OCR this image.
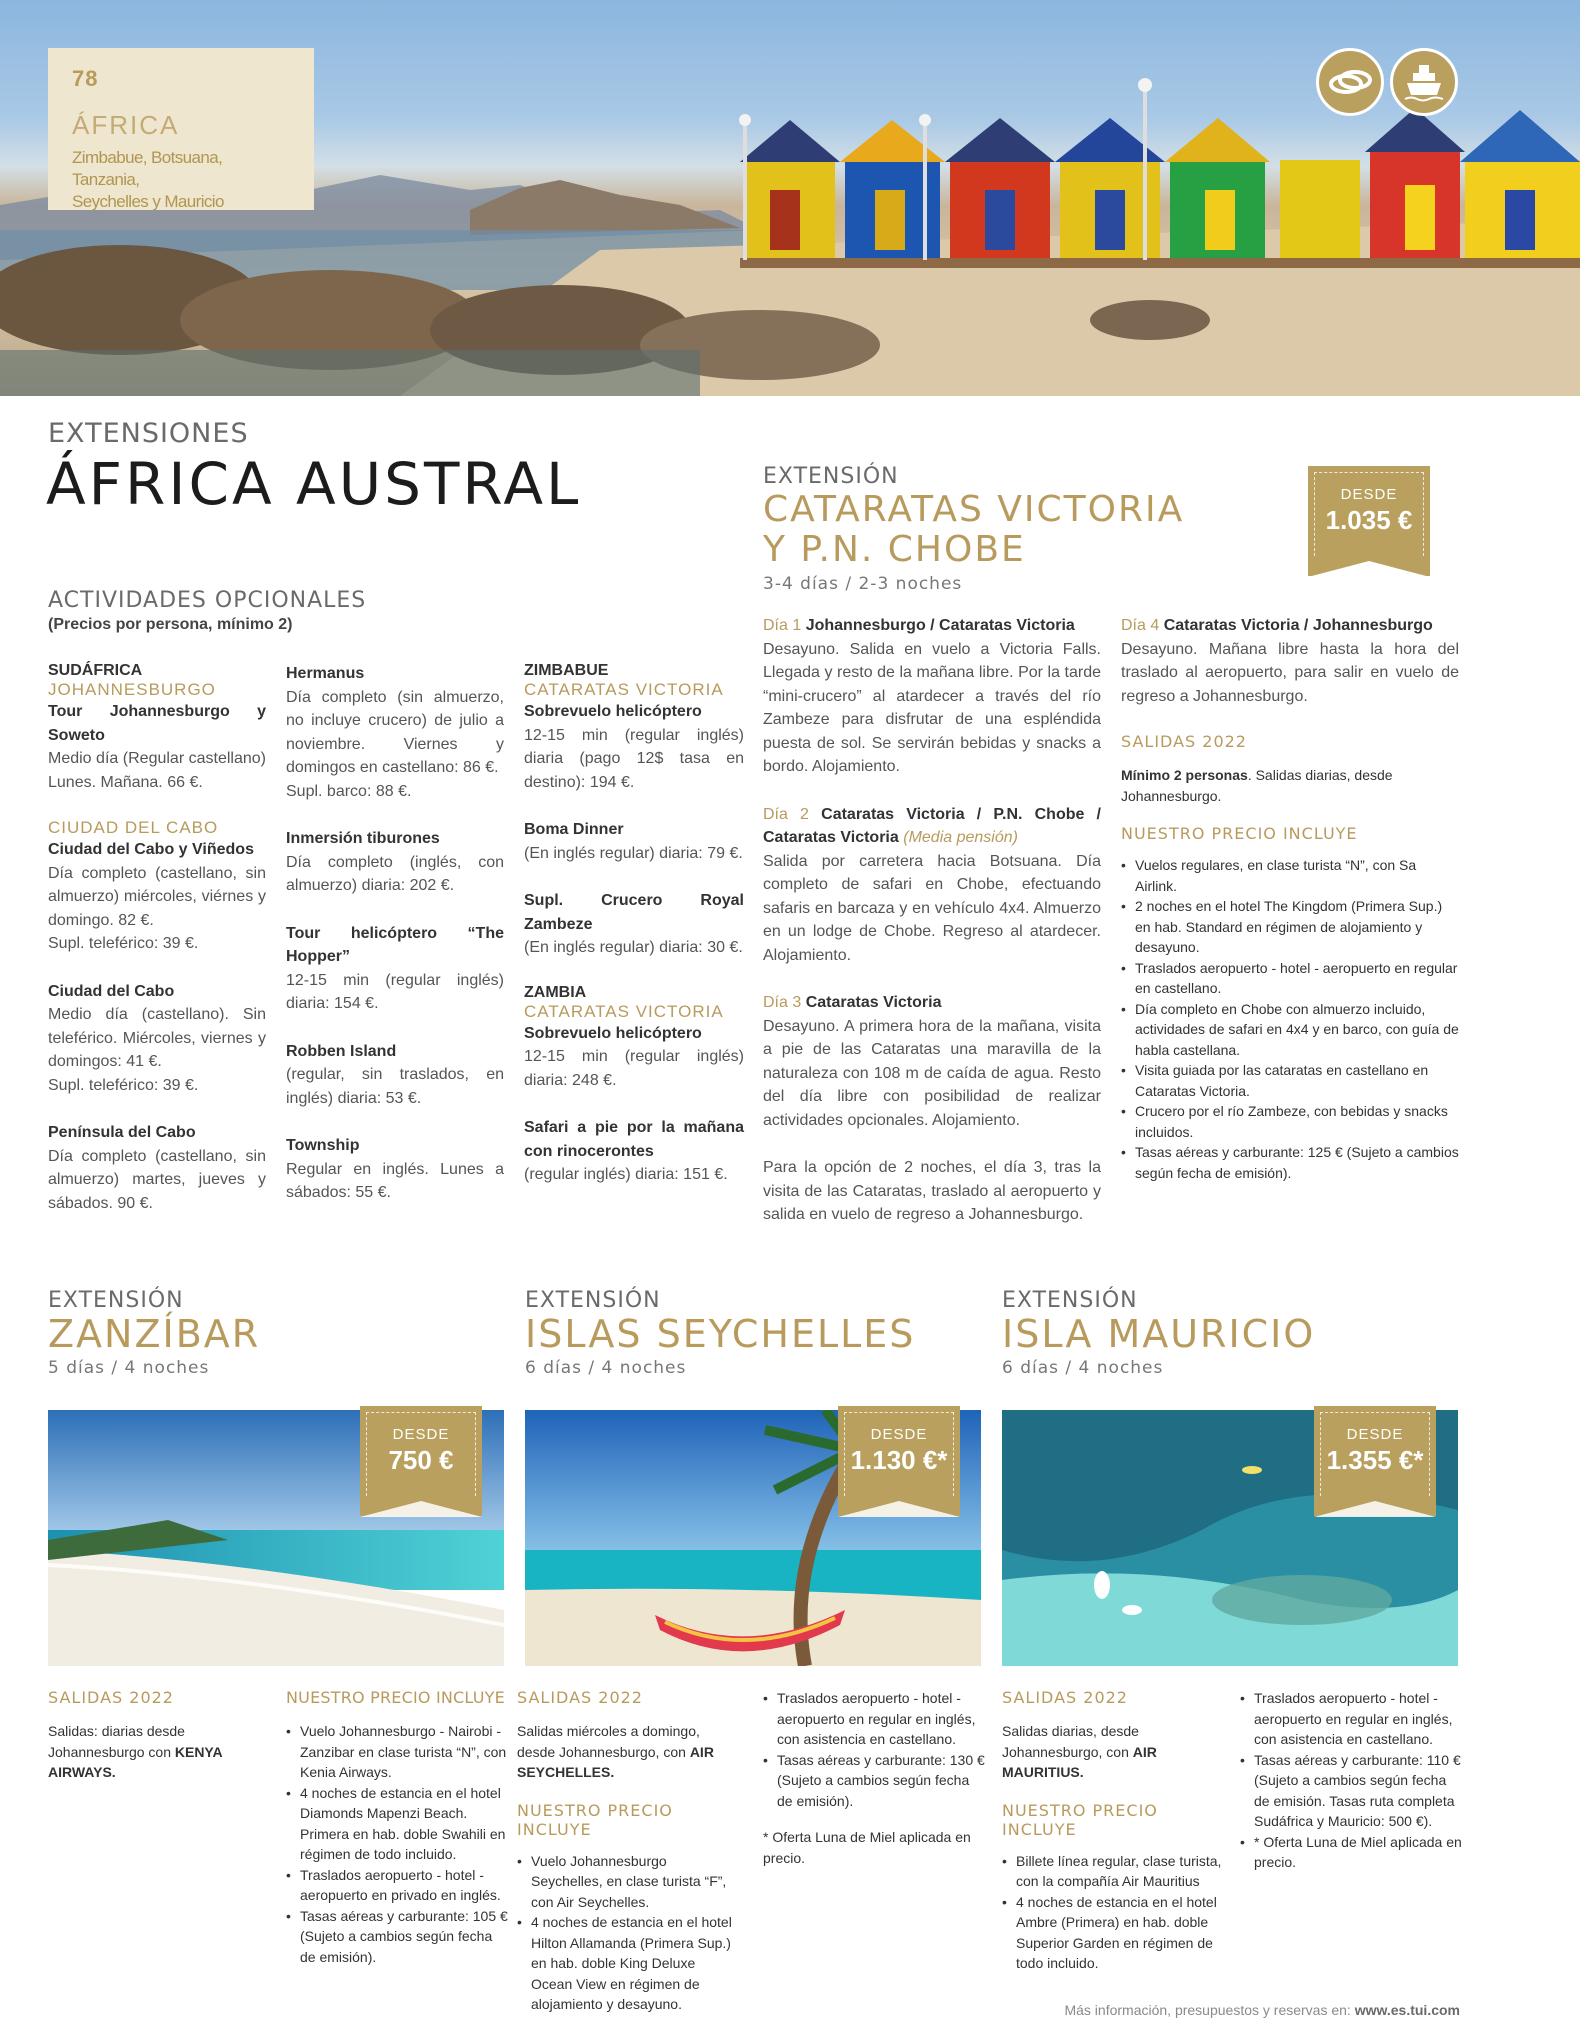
78
ÁFRICA
Zimbabue, Botsuana, Tanzania,
Seychelles y Mauricio
EXTENSIONES
ÁFRICA AUSTRAL
ACTIVIDADES OPCIONALES
(Precios por persona, mínimo 2)
SUDÁFRICA
JOHANNESBURGO
Tour Johannesburgo y Soweto
Medio día (Regular castellano) Lunes. Mañana. 66 €.
CIUDAD DEL CABO
Ciudad del Cabo y Viñedos
Día completo (castellano, sin almuerzo) miércoles, viérnes y domingo. 82 €.
Supl. teleférico: 39 €.
Ciudad del Cabo
Medio día (castellano). Sin teleférico. Miércoles, viernes y domingos: 41 €.
Supl. teleférico: 39 €.
Península del Cabo
Día completo (castellano, sin almuerzo) martes, jueves y sábados. 90 €.
Hermanus
Día completo (sin almuerzo, no incluye crucero) de julio a noviembre. Viernes y domingos en castellano: 86 €.
Supl. barco: 88 €.
Inmersión tiburones
Día completo (inglés, con almuerzo) diaria: 202 €.
Tour helicóptero “The Hopper”
12-15 min (regular inglés) diaria: 154 €.
Robben Island
(regular, sin traslados, en inglés) diaria: 53 €.
Township
Regular en inglés. Lunes a sábados: 55 €.
ZIMBABUE
CATARATAS VICTORIA
Sobrevuelo helicóptero
12-15 min (regular inglés) diaria (pago 12$ tasa en destino): 194 €.
Boma Dinner
(En inglés regular) diaria: 79 €.
Supl. Crucero Royal Zambeze
(En inglés regular) diaria: 30 €.
ZAMBIA
CATARATAS VICTORIA
Sobrevuelo helicóptero
12-15 min (regular inglés) diaria: 248 €.
Safari a pie por la mañana con rinocerontes
(regular inglés) diaria: 151 €.
EXTENSIÓN
CATARATAS VICTORIA
Y P.N. CHOBE
3-4 días / 2-3 noches
DESDE
1.035 €
Día 1 Johannesburgo / Cataratas Victoria
Desayuno. Salida en vuelo a Victoria Falls. Llegada y resto de la mañana libre. Por la tarde “mini-crucero” al atardecer a través del río Zambeze para disfrutar de una espléndida puesta de sol. Se servirán bebidas y snacks a bordo. Alojamiento.
Día 2 Cataratas Victoria / P.N. Chobe / Cataratas Victoria (Media pensión)
Salida por carretera hacia Botsuana. Día completo de safari en Chobe, efectuando safaris en barcaza y en vehículo 4x4. Almuerzo en un lodge de Chobe. Regreso al atardecer. Alojamiento.
Día 3 Cataratas Victoria
Desayuno. A primera hora de la mañana, visita a pie de las Cataratas una maravilla de la naturaleza con 108 m de caída de agua. Resto del día libre con posibilidad de realizar actividades opcionales. Alojamiento.
Para la opción de 2 noches, el día 3, tras la visita de las Cataratas, traslado al aeropuerto y salida en vuelo de regreso a Johannesburgo.
Día 4 Cataratas Victoria / Johannesburgo
Desayuno. Mañana libre hasta la hora del traslado al aeropuerto, para salir en vuelo de regreso a Johannesburgo.
SALIDAS 2022
Mínimo 2 personas. Salidas diarias, desde Johannesburgo.
NUESTRO PRECIO INCLUYE
• Vuelos regulares, en clase turista “N”, con Sa Airlink.
• 2 noches en el hotel The Kingdom (Primera Sup.) en hab. Standard en régimen de alojamiento y desayuno.
• Traslados aeropuerto - hotel - aeropuerto en regular en castellano.
• Día completo en Chobe con almuerzo incluido, actividades de safari en 4x4 y en barco, con guía de habla castellana.
• Visita guiada por las cataratas en castellano en Cataratas Victoria.
• Crucero por el río Zambeze, con bebidas y snacks incluidos.
• Tasas aéreas y carburante: 125 € (Sujeto a cambios según fecha de emisión).
EXTENSIÓN
ZANZÍBAR
5 días / 4 noches
EXTENSIÓN
ISLAS SEYCHELLES
6 días / 4 noches
EXTENSIÓN
ISLA MAURICIO
6 días / 4 noches
DESDE
750 €
DESDE
1.130 €*
DESDE
1.355 €*
SALIDAS 2022
Salidas: diarias desde Johannesburgo con KENYA AIRWAYS.
NUESTRO PRECIO INCLUYE
• Vuelo Johannesburgo - Nairobi - Zanzibar en clase turista “N”, con Kenia Airways.
• 4 noches de estancia en el hotel Diamonds Mapenzi Beach. Primera en hab. doble Swahili en régimen de todo incluido.
• Traslados aeropuerto - hotel - aeropuerto en privado en inglés.
• Tasas aéreas y carburante: 105 € (Sujeto a cambios según fecha de emisión).
SALIDAS 2022
Salidas miércoles a domingo, desde Johannesburgo, con AIR SEYCHELLES.
NUESTRO PRECIO INCLUYE
• Vuelo Johannesburgo Seychelles, en clase turista “F”, con Air Seychelles.
• 4 noches de estancia en el hotel Hilton Allamanda (Primera Sup.) en hab. doble King Deluxe Ocean View en régimen de alojamiento y desayuno.
• Traslados aeropuerto - hotel - aeropuerto en regular en inglés, con asistencia en castellano.
• Tasas aéreas y carburante: 130 € (Sujeto a cambios según fecha de emisión).
* Oferta Luna de Miel aplicada en precio.
SALIDAS 2022
Salidas diarias, desde Johannesburgo, con AIR MAURITIUS.
NUESTRO PRECIO INCLUYE
• Billete línea regular, clase turista, con la compañía Air Mauritius
• 4 noches de estancia en el hotel Ambre (Primera) en hab. doble Superior Garden en régimen de todo incluido.
• Traslados aeropuerto - hotel - aeropuerto en regular en inglés, con asistencia en castellano.
• Tasas aéreas y carburante: 110 € (Sujeto a cambios según fecha de emisión. Tasas ruta completa Sudáfrica y Mauricio: 500 €).
• * Oferta Luna de Miel aplicada en precio.
Más información, presupuestos y reservas en: www.es.tui.com
